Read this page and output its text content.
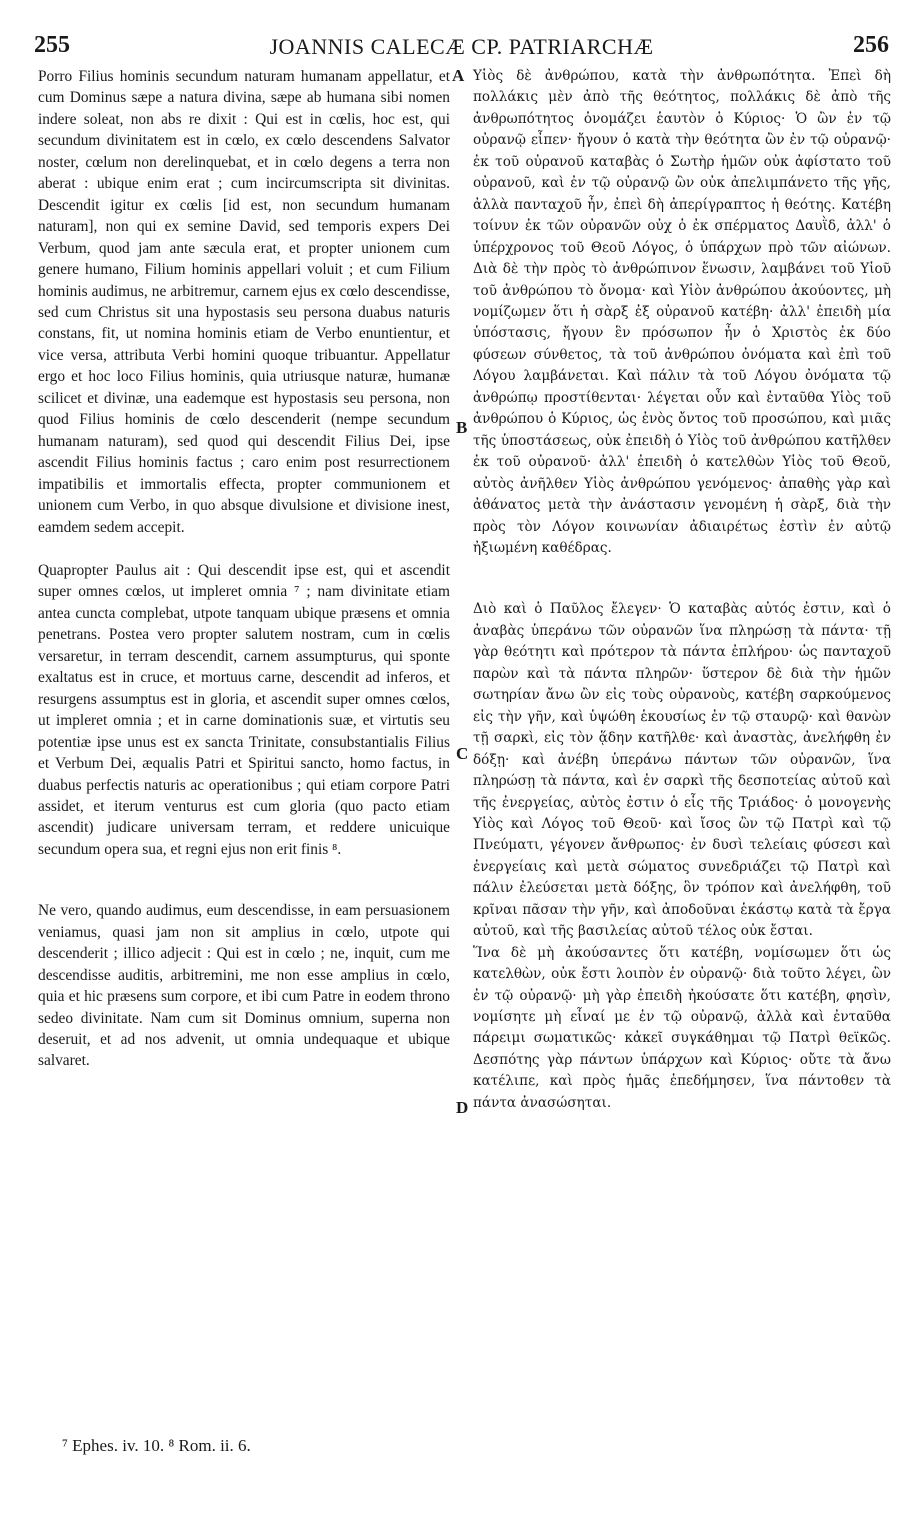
255	JOANNIS CALECÆ CP. PATRIARCHÆ	256

Porro Filius hominis secundum naturam humanam appellatur, et cum Dominus sæpe a natura divina, sæpe ab humana sibi nomen indere soleat, non abs re dixit : Qui est in cœlis, hoc est, qui secundum divinitatem est in cœlo, ex cœlo descendens Salvator noster, cœlum non derelinquebat, et in cœlo degens a terra non aberat : ubique enim erat ; cum incircumscripta sit divinitas. Descendit igitur ex cœlis [id est, non secundum humanam naturam], non qui ex semine David, sed temporis expers Dei Verbum, quod jam ante sæcula erat, et propter unionem cum genere humano, Filium hominis appellari voluit ; et cum Filium hominis audimus, ne arbitremur, carnem ejus ex cœlo descendisse, sed cum Christus sit una hypostasis seu persona duabus naturis constans, fit, ut nomina hominis etiam de Verbo enuntientur, et vice versa, attributa Verbi homini quoque tribuantur. Appellatur ergo et hoc loco Filius hominis, quia utriusque naturæ, humanæ scilicet et divinæ, una eademque est hypostasis seu persona, non quod Filius hominis de cœlo descenderit (nempe secundum humanam naturam), sed quod qui descendit Filius Dei, ipse ascendit Filius hominis factus ; caro enim post resurrectionem impatibilis et immortalis effecta, propter communionem et unionem cum Verbo, in quo absque divulsione et divisione inest, eamdem sedem accepit.

Quapropter Paulus ait : Qui descendit ipse est, qui et ascendit super omnes cœlos, ut impleret omnia ⁷ ; nam divinitate etiam antea cuncta complebat, utpote tanquam ubique præsens et omnia penetrans. Postea vero propter salutem nostram, cum in cœlis versaretur, in terram descendit, carnem assumpturus, qui sponte exaltatus est in cruce, et mortuus carne, descendit ad inferos, et resurgens assumptus est in gloria, et ascendit super omnes cœlos, ut impleret omnia ; et in carne dominationis suæ, et virtutis seu potentiæ ipse unus est ex sancta Trinitate, consubstantialis Filius et Verbum Dei, æqualis Patri et Spiritui sancto, homo factus, in duabus perfectis naturis ac operationibus ; qui etiam corpore Patri assidet, et iterum venturus est cum gloria (quo pacto etiam ascendit) judicare universam terram, et reddere unicuique secundum opera sua, et regni ejus non erit finis ⁸.

Ne vero, quando audimus, eum descendisse, in eam persuasionem veniamus, quasi jam non sit amplius in cœlo, utpote qui descenderit ; illico adjecit : Qui est in cœlo ; ne, inquit, cum me descendisse auditis, arbitremini, me non esse amplius in cœlo, quia et hic præsens sum corpore, et ibi cum Patre in eodem throno sedeo divinitate. Nam cum sit Dominus omnium, superna non deseruit, et ad nos advenit, ut omnia undequaque et ubique salvaret.

Υἱὸς δὲ ἀνθρώπου, κατὰ τὴν ἀνθρωπότητα. Ἐπεὶ δὴ πολλάκις μὲν ἀπὸ τῆς θεότητος, πολλάκις δὲ ἀπὸ τῆς ἀνθρωπότητος ὀνομάζει ἑαυτὸν ὁ Κύριος· Ὁ ὢν ἐν τῷ οὐρανῷ εἶπεν· ἤγουν ὁ κατὰ τὴν θεότητα ὢν ἐν τῷ οὐρανῷ· ἐκ τοῦ οὐρανοῦ καταβὰς ὁ Σωτὴρ ἡμῶν οὐκ ἀφίστατο τοῦ οὐρανοῦ, καὶ ἐν τῷ οὐρανῷ ὢν οὐκ ἀπελιμπάνετο τῆς γῆς, ἀλλὰ πανταχοῦ ἦν, ἐπεὶ δὴ ἀπερίγραπτος ἡ θεότης. Κατέβη τοίνυν ἐκ τῶν οὐρανῶν οὐχ ὁ ἐκ σπέρματος Δαυῒδ, ἀλλ' ὁ ὑπέρχρονος τοῦ Θεοῦ Λόγος, ὁ ὑπάρχων πρὸ τῶν αἰώνων. Διὰ δὲ τὴν πρὸς τὸ ἀνθρώπινον ἕνωσιν, λαμβάνει τοῦ Υἱοῦ τοῦ ἀνθρώπου τὸ ὄνομα· καὶ Υἱὸν ἀνθρώπου ἀκούοντες, μὴ νομίζωμεν ὅτι ἡ σὰρξ ἐξ οὐρανοῦ κατέβη· ἀλλ' ἐπειδὴ μία ὑπόστασις, ἤγουν ἓν πρόσωπον ἦν ὁ Χριστὸς ἐκ δύο φύσεων σύνθετος, τὰ τοῦ ἀνθρώπου ὀνόματα καὶ ἐπὶ τοῦ Λόγου λαμβάνεται. Καὶ πάλιν τὰ τοῦ Λόγου ὀνόματα τῷ ἀνθρώπῳ προστίθενται· λέγεται οὖν καὶ ἐνταῦθα Υἱὸς τοῦ ἀνθρώπου ὁ Κύριος, ὡς ἑνὸς ὄντος τοῦ προσώπου, καὶ μιᾶς τῆς ὑποστάσεως, οὐκ ἐπειδὴ ὁ Υἱὸς τοῦ ἀνθρώπου κατῆλθεν ἐκ τοῦ οὐρανοῦ· ἀλλ' ἐπειδὴ ὁ κατελθὼν Υἱὸς τοῦ Θεοῦ, αὐτὸς ἀνῆλθεν Υἱὸς ἀνθρώπου γενόμενος· ἀπαθὴς γὰρ καὶ ἀθάνατος μετὰ τὴν ἀνάστασιν γενομένη ἡ σὰρξ, διὰ τὴν πρὸς τὸν Λόγον κοινωνίαν ἀδιαιρέτως ἐστὶν ἐν αὐτῷ ἠξιωμένη καθέδρας.

Διὸ καὶ ὁ Παῦλος ἔλεγεν· Ὁ καταβὰς αὐτός ἐστιν, καὶ ὁ ἀναβὰς ὑπεράνω τῶν οὐρανῶν ἵνα πληρώσῃ τὰ πάντα· τῇ γὰρ θεότητι καὶ πρότερον τὰ πάντα ἐπλήρου· ὡς πανταχοῦ παρὼν καὶ τὰ πάντα πληρῶν· ὕστερον δὲ διὰ τὴν ἡμῶν σωτηρίαν ἄνω ὢν εἰς τοὺς οὐρανοὺς, κατέβη σαρκούμενος εἰς τὴν γῆν, καὶ ὑψώθη ἑκουσίως ἐν τῷ σταυρῷ· καὶ θανὼν τῇ σαρκὶ, εἰς τὸν ᾅδην κατῆλθε· καὶ ἀναστὰς, ἀνελήφθη ἐν δόξῃ· καὶ ἀνέβη ὑπεράνω πάντων τῶν οὐρανῶν, ἵνα πληρώσῃ τὰ πάντα, καὶ ἐν σαρκὶ τῆς δεσποτείας αὐτοῦ καὶ τῆς ἐνεργείας, αὐτὸς ἐστιν ὁ εἷς τῆς Τριάδος· ὁ μονογενὴς Υἱὸς καὶ Λόγος τοῦ Θεοῦ· καὶ ἴσος ὢν τῷ Πατρὶ καὶ τῷ Πνεύματι, γέγονεν ἄνθρωπος· ἐν δυσὶ τελείαις φύσεσι καὶ ἐνεργείαις καὶ μετὰ σώματος συνεδριάζει τῷ Πατρὶ καὶ πάλιν ἐλεύσεται μετὰ δόξης, ὃν τρόπον καὶ ἀνελήφθη, τοῦ κρῖναι πᾶσαν τὴν γῆν, καὶ ἀποδοῦναι ἑκάστῳ κατὰ τὰ ἔργα αὐτοῦ, καὶ τῆς βασιλείας αὐτοῦ τέλος οὐκ ἔσται.

Ἵνα δὲ μὴ ἀκούσαντες ὅτι κατέβη, νομίσωμεν ὅτι ὡς κατελθὼν, οὐκ ἔστι λοιπὸν ἐν οὐρανῷ· διὰ τοῦτο λέγει, ὢν ἐν τῷ οὐρανῷ· μὴ γὰρ ἐπειδὴ ἠκούσατε ὅτι κατέβη, φησὶν, νομίσητε μὴ εἶναί με ἐν τῷ οὐρανῷ, ἀλλὰ καὶ ἐνταῦθα πάρειμι σωματικῶς· κἀκεῖ συγκάθημαι τῷ Πατρὶ θεϊκῶς. Δεσπότης γὰρ πάντων ὑπάρχων καὶ Κύριος· οὔτε τὰ ἄνω κατέλιπε, καὶ πρὸς ἡμᾶς ἐπεδήμησεν, ἵνα πάντοθεν τὰ πάντα ἀνασώσηται.

A
B
C
D
⁷ Ephes. iv. 10. ⁸ Rom. ii. 6.
